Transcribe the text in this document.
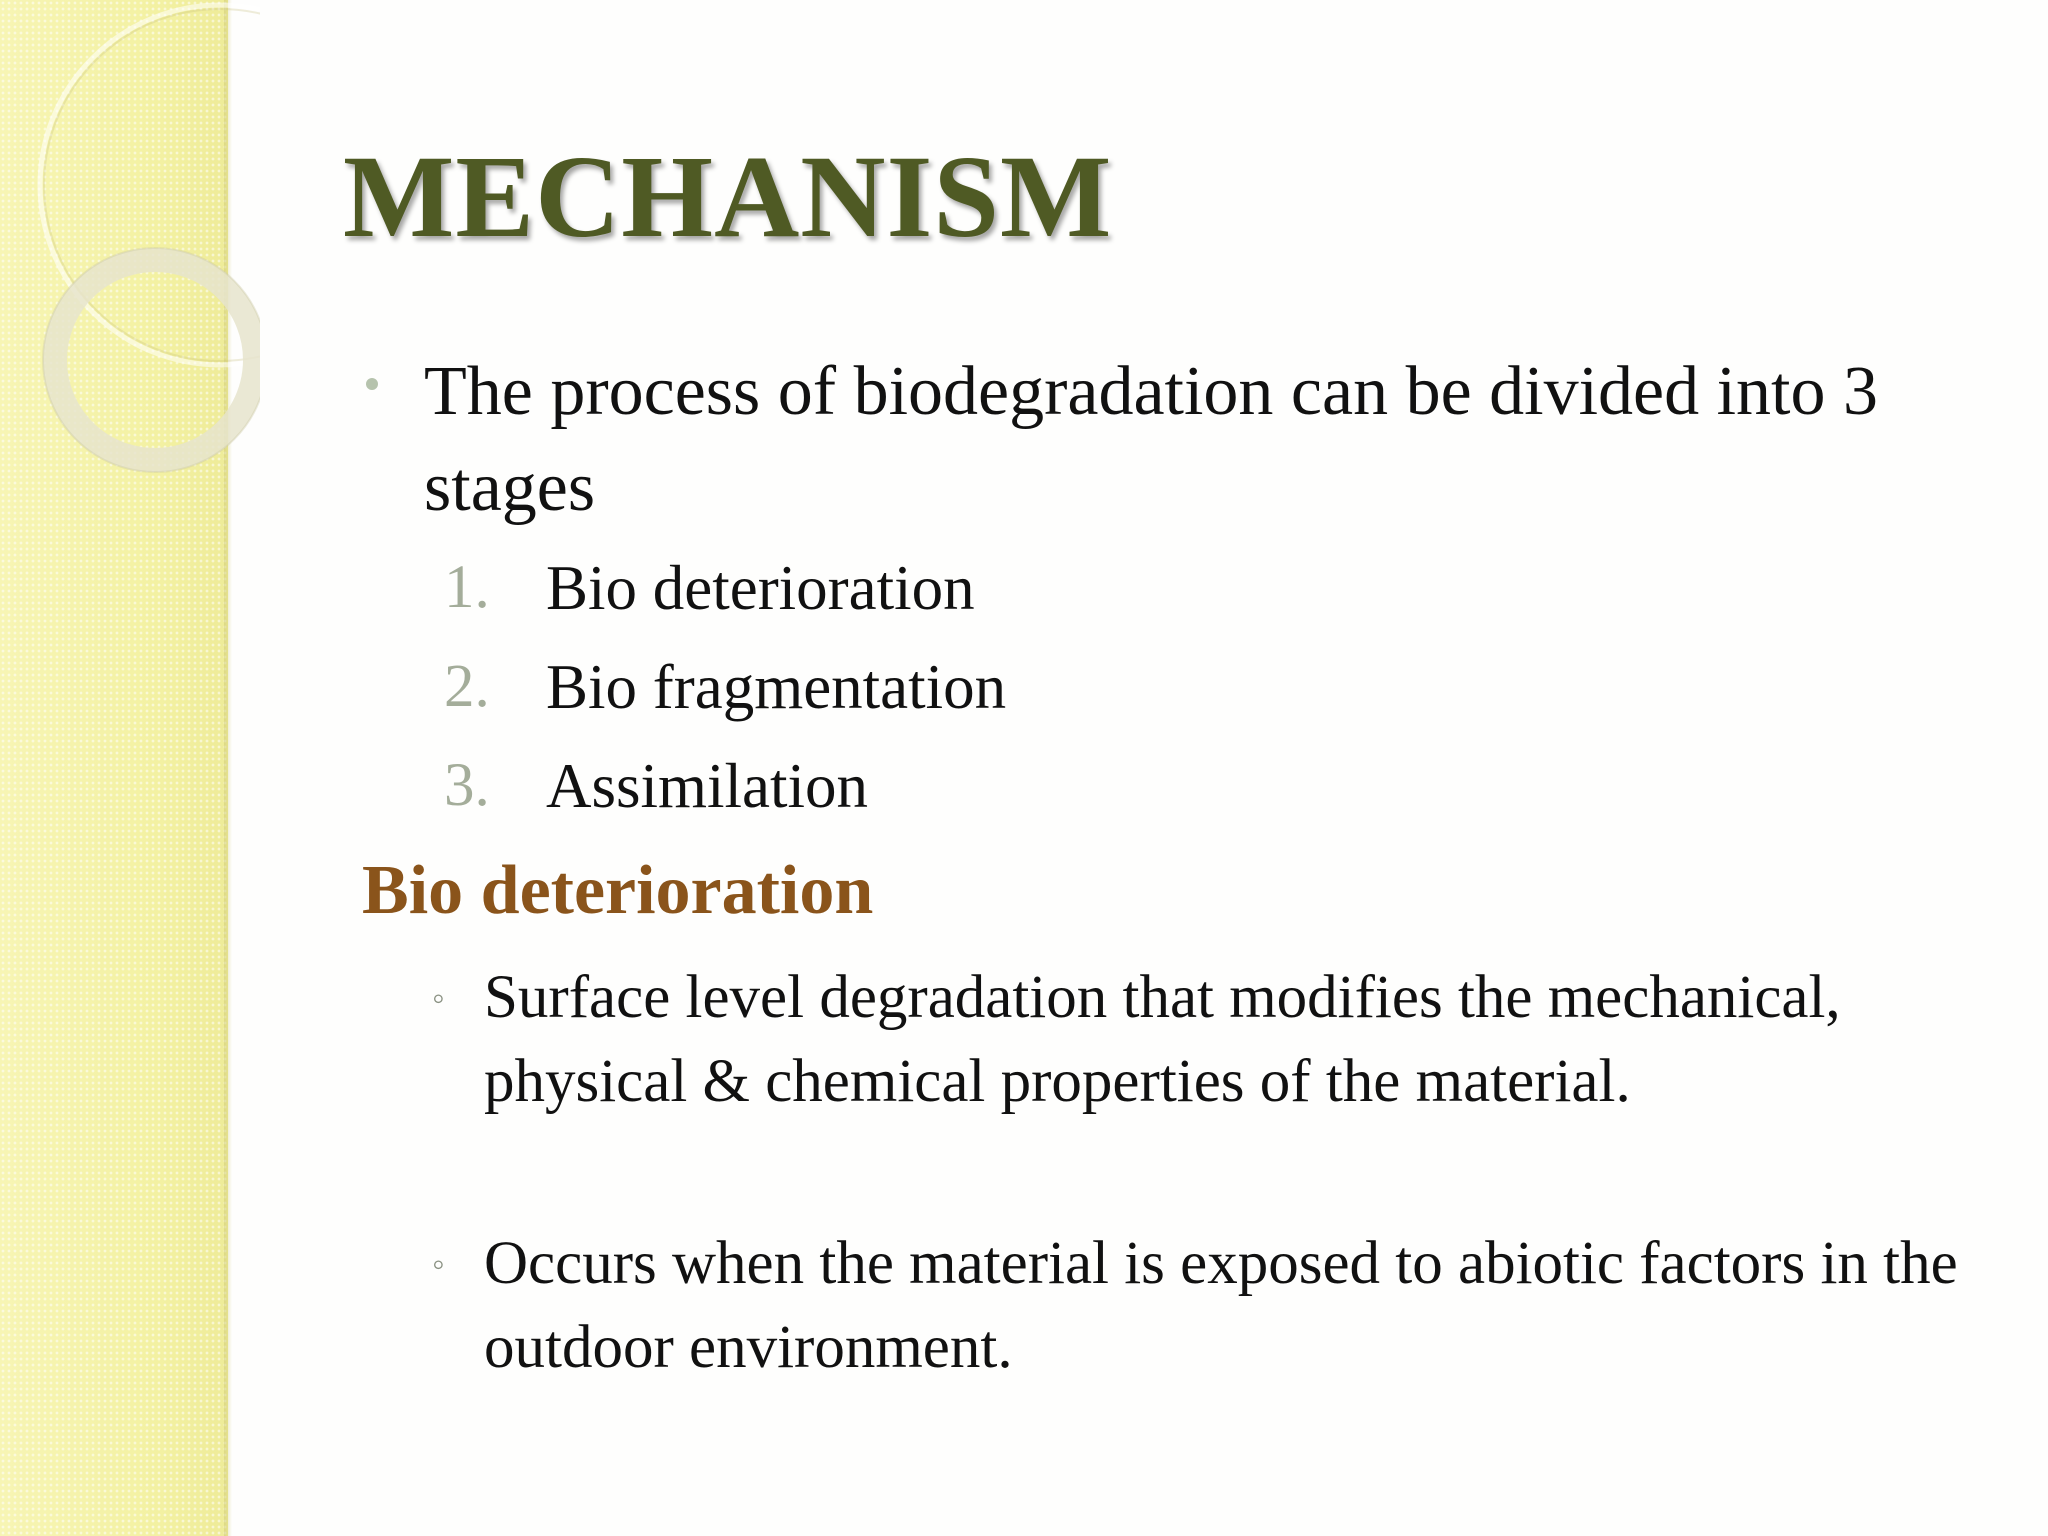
MECHANISM

The process of biodegradation can be divided into 3 stages

1. Bio deterioration
2. Bio fragmentation
3. Assimilation
Bio deterioration
◦ Surface level degradation that modifies the mechanical, physical & chemical properties of the material.

◦ Occurs when the material is exposed to abiotic factors in the outdoor environment.
